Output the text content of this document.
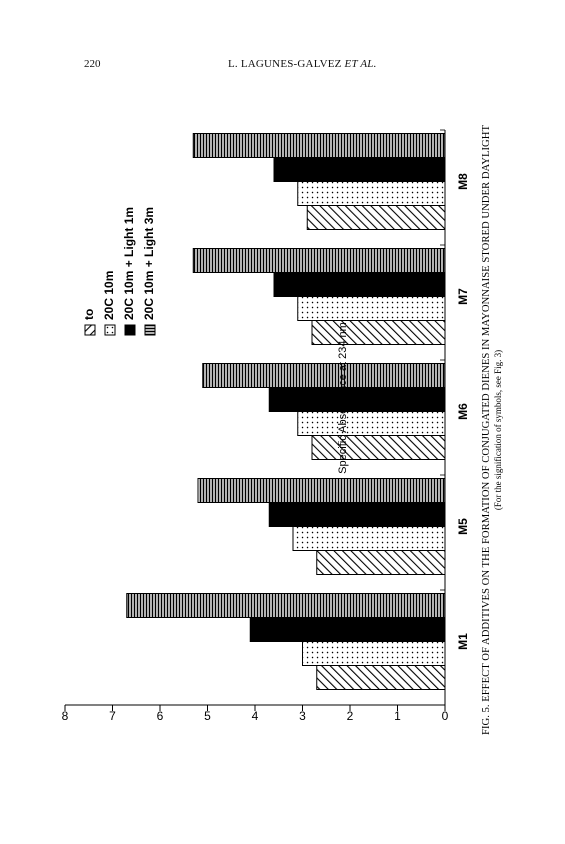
220	L. LAGUNES-GALVEZ ET AL.
0
1
2
3
4
5
6
7
8
M1
M5
M6
M7
M8
to 20C 10m 20C 10m + Light 1m 20C 10m + Light 3m
Specific Absorbance at 234 nm	FIG. 5. EFFECT OF ADDITIVES ON THE FORMATION OF CONJUGATED DIENES IN MAYONNAISE STORED UNDER DAYLIGHT (For the signification of symbols, see Fig. 3)
